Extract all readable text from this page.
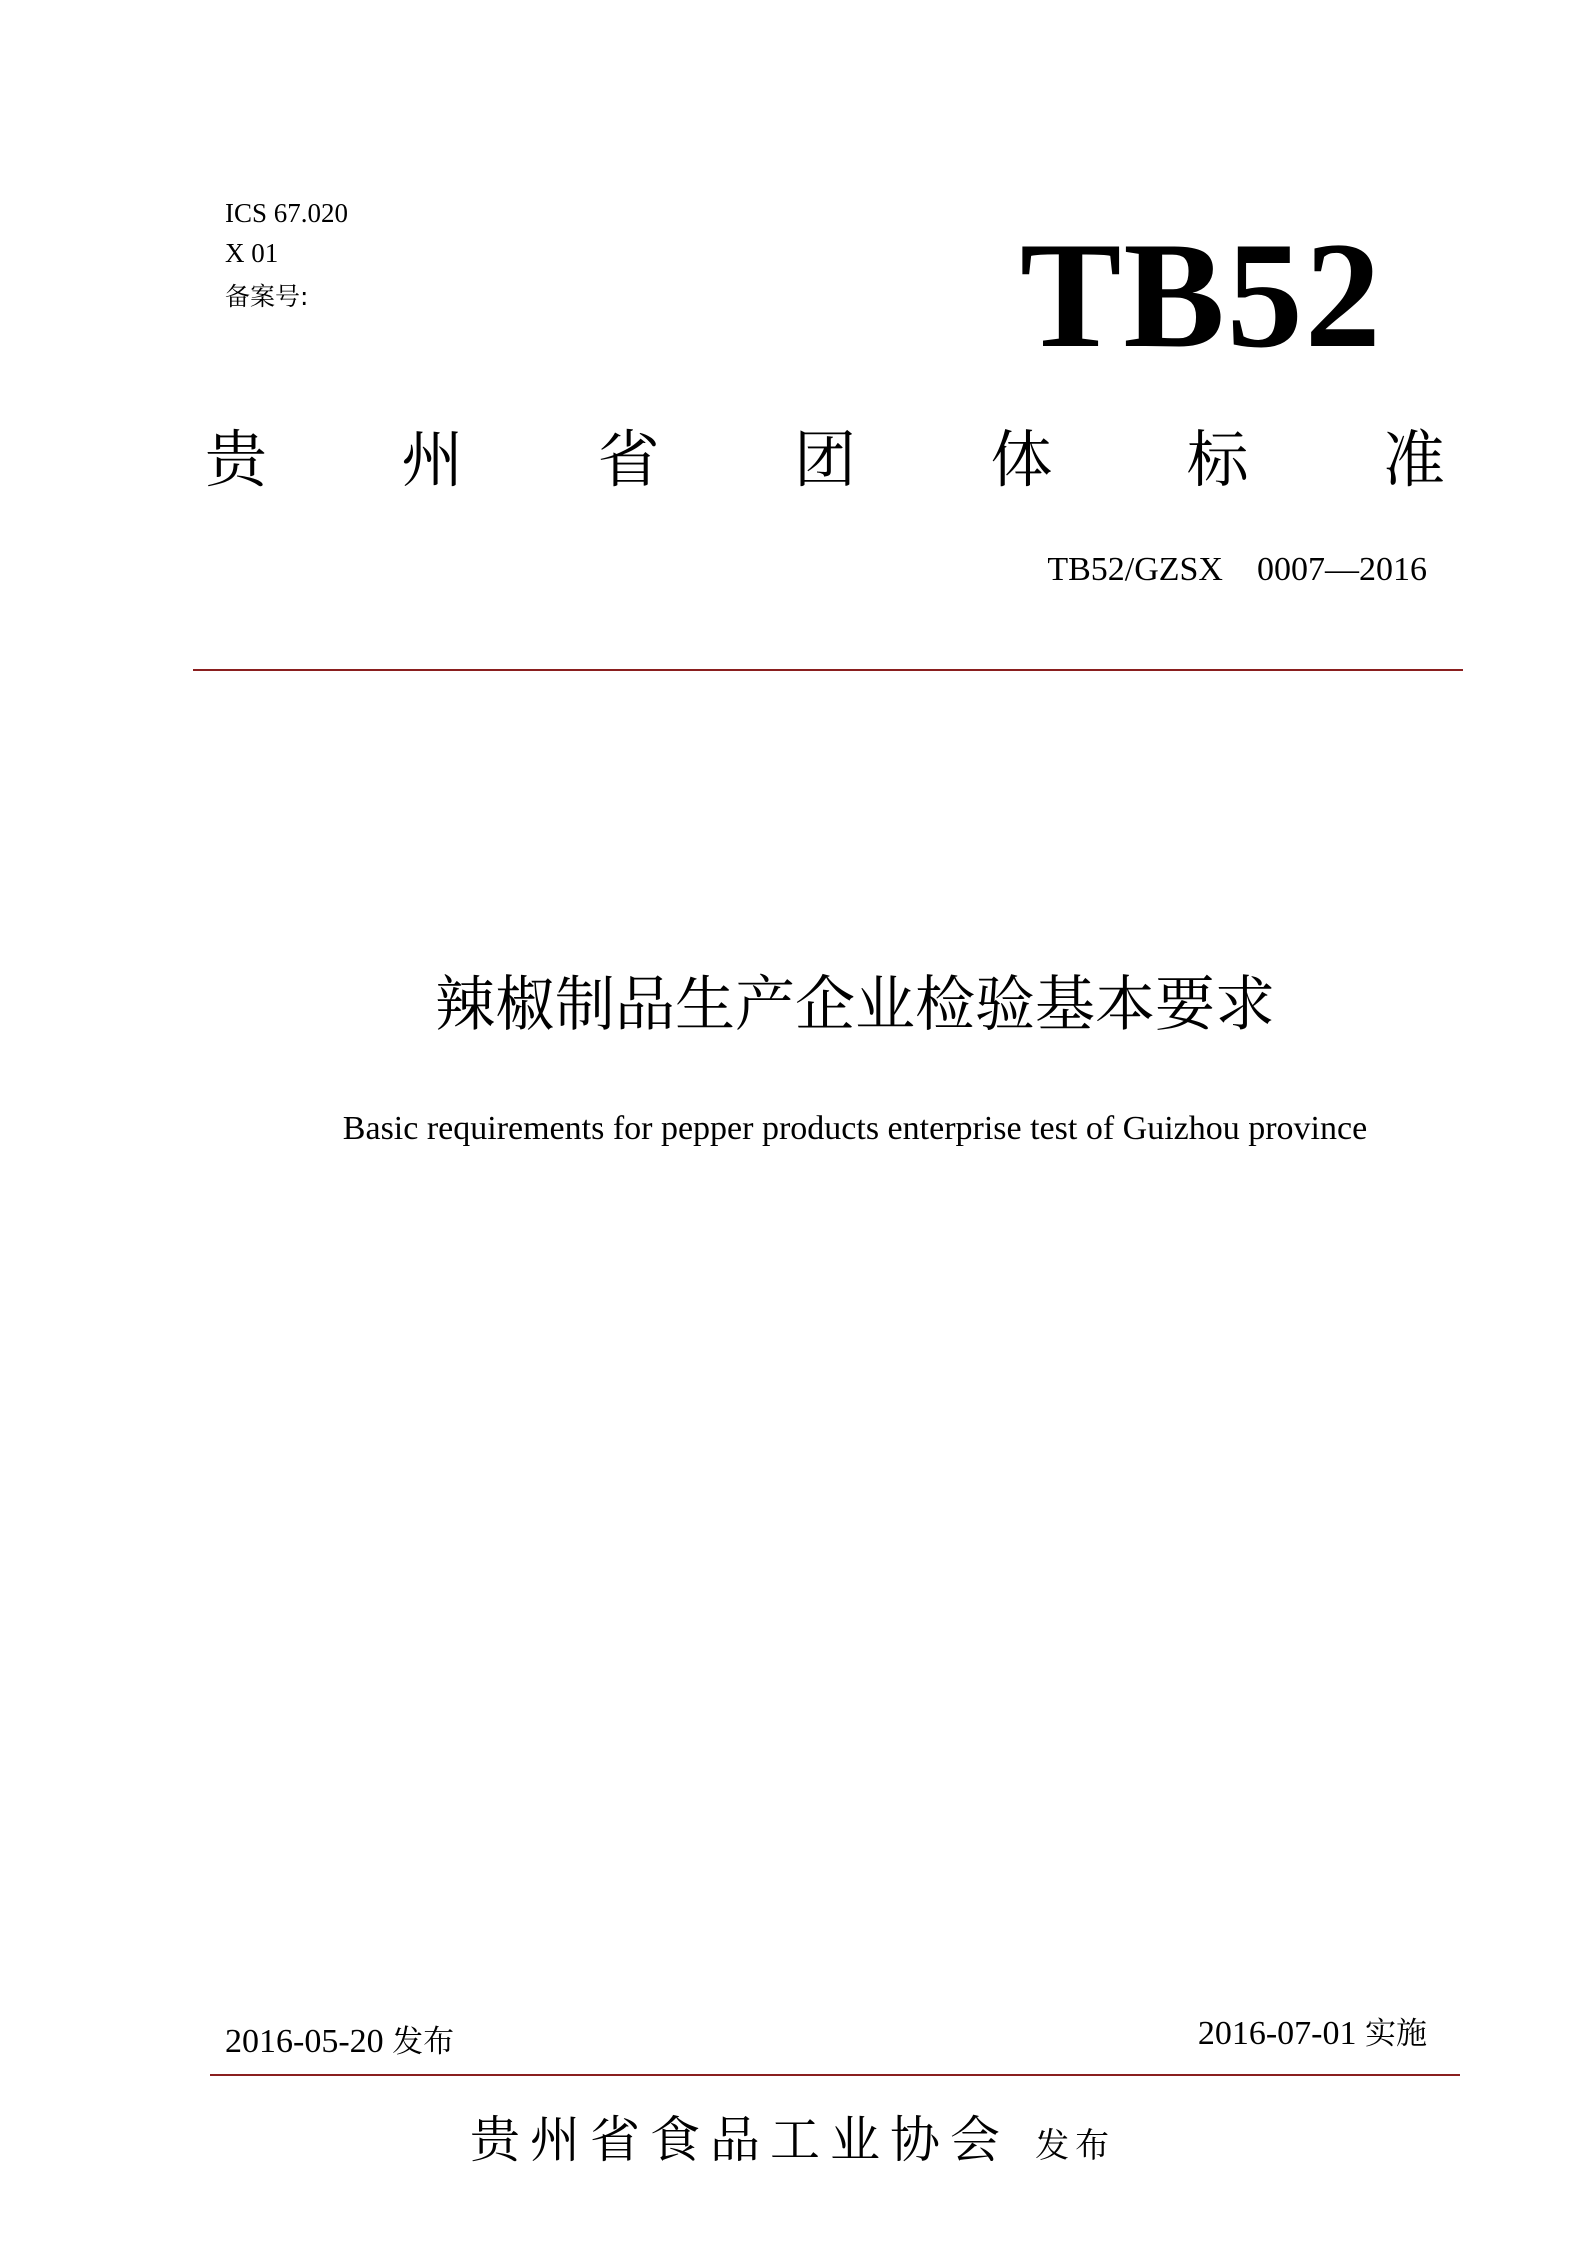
ICS 67.020
X 01
备案号:	TB52
贵 州 省 团 体 标 准
TB52/GZSX    0007—2016
辣椒制品生产企业检验基本要求
Basic requirements for pepper products enterprise test of Guizhou province
2016-05-20 发布	2016-07-01 实施
贵州省食品工业协会 发布
